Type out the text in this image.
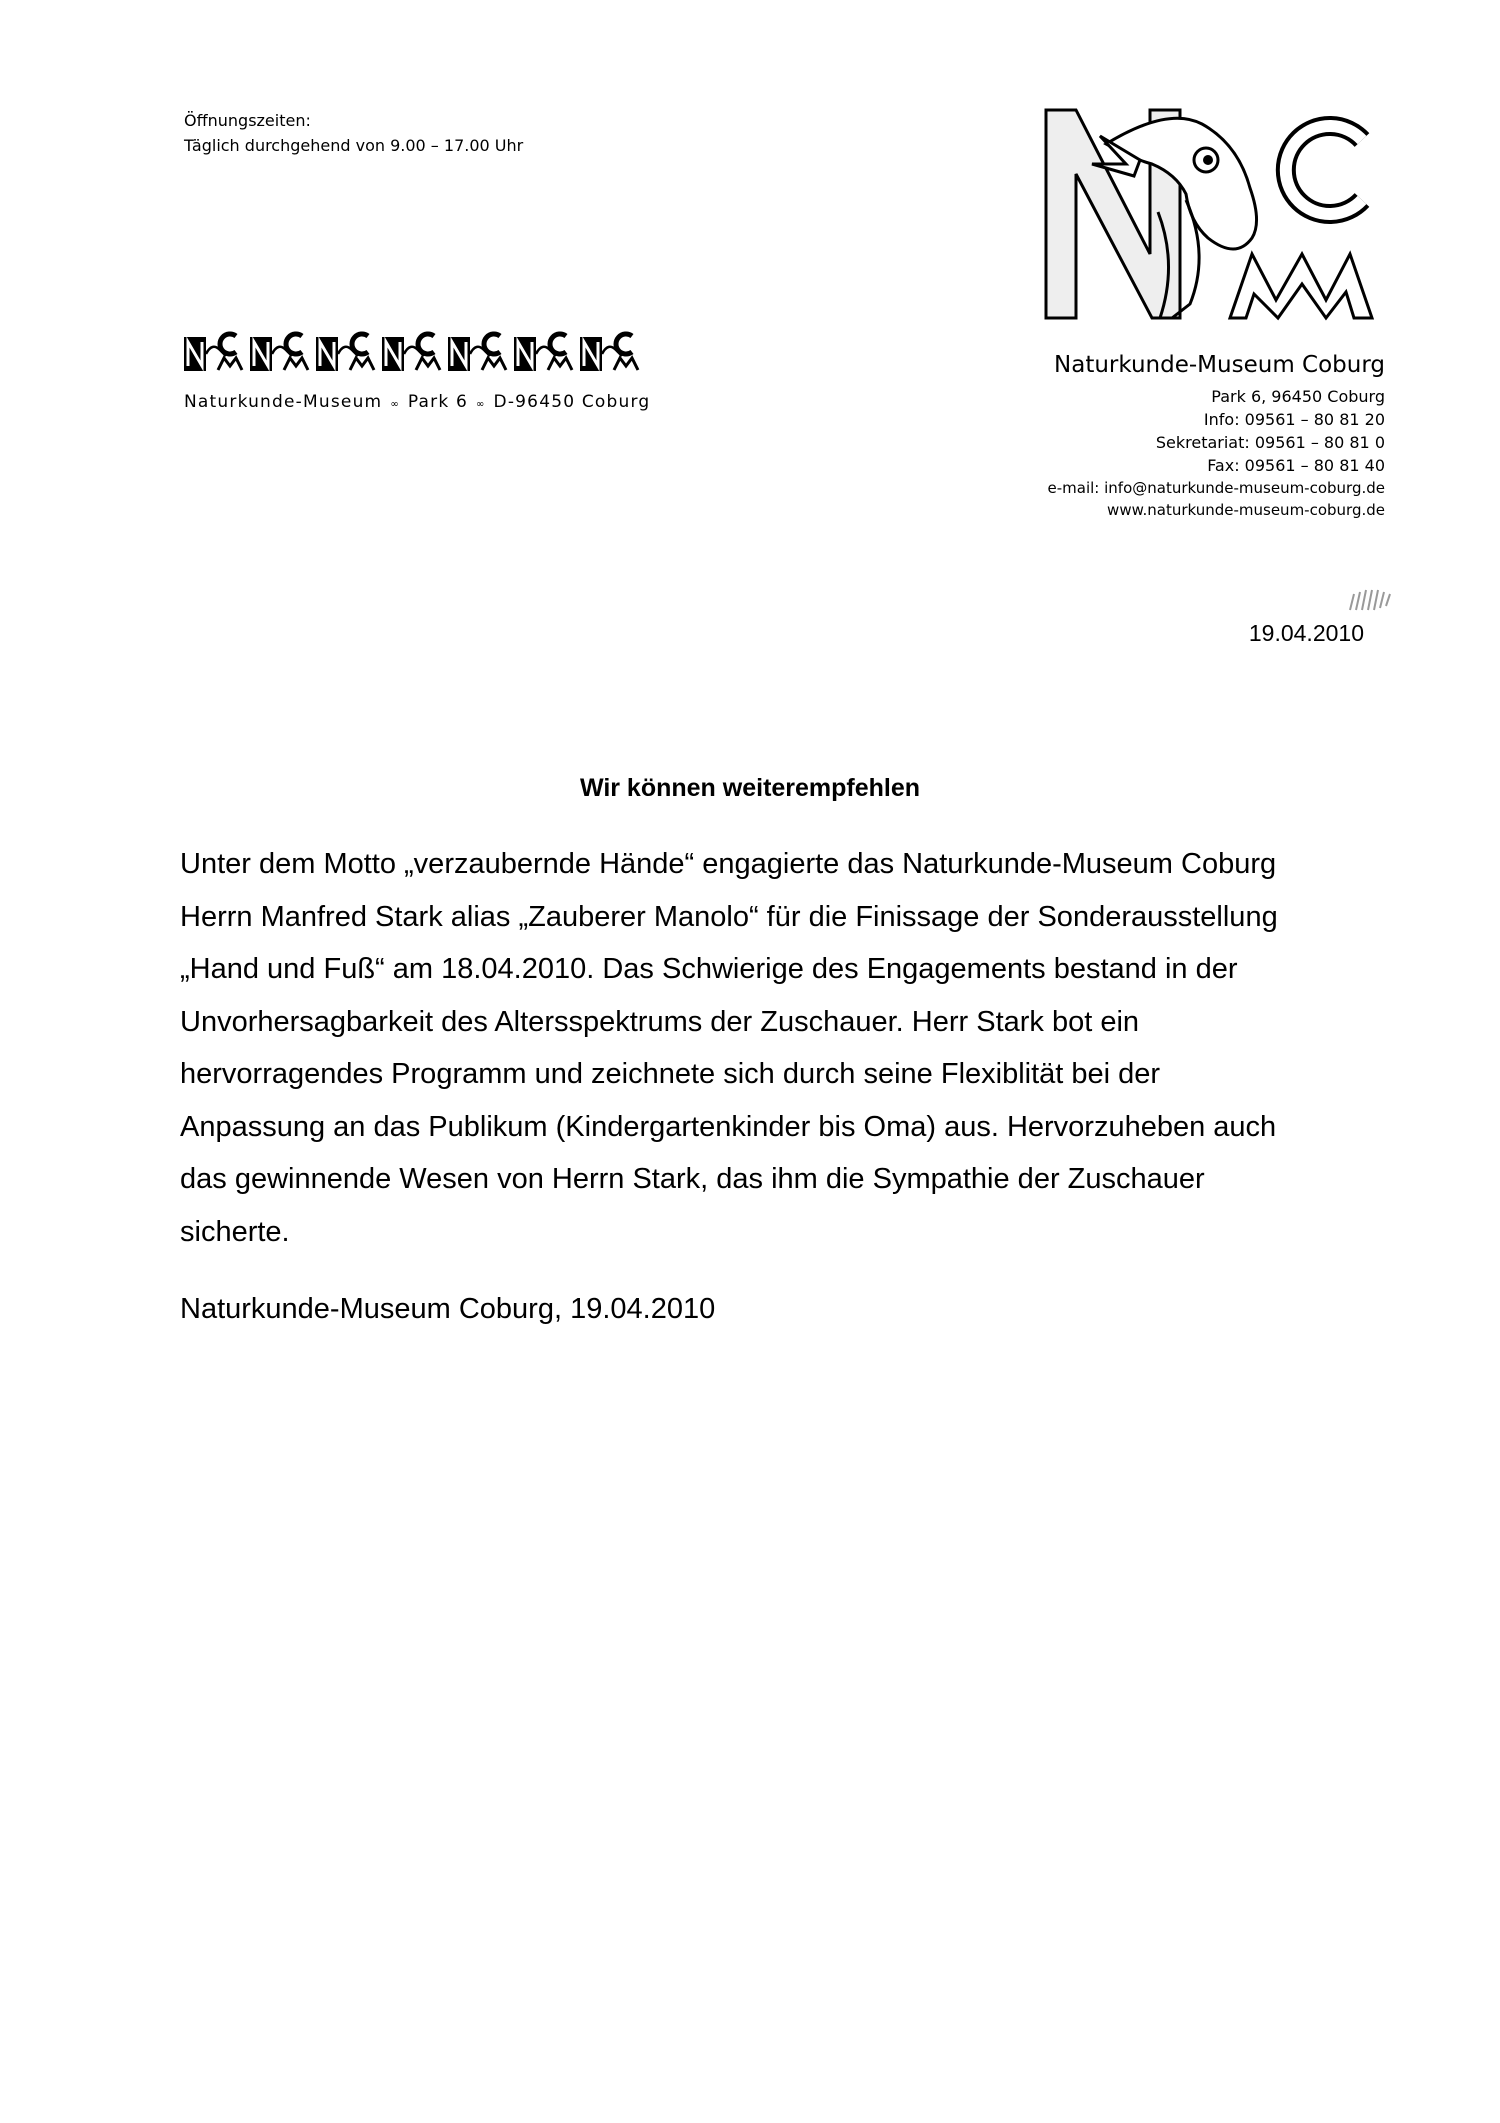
Öffnungszeiten:
Täglich durchgehend von 9.00 – 17.00 Uhr
Naturkunde-Museum ∞ Park 6 ∞ D-96450 Coburg
Naturkunde-Museum Coburg
Park 6, 96450 Coburg
Info: 09561 – 80 81 20
Sekretariat: 09561 – 80 81 0
Fax: 09561 – 80 81 40
e-mail: info@naturkunde-museum-coburg.de
www.naturkunde-museum-coburg.de
19.04.2010
Wir können weiterempfehlen
Unter dem Motto „verzaubernde Hände“ engagierte das Naturkunde-Museum Coburg
Herrn Manfred Stark alias „Zauberer Manolo“ für die Finissage der Sonderausstellung
„Hand und Fuß“ am 18.04.2010. Das Schwierige des Engagements bestand in der
Unvorhersagbarkeit des Altersspektrums der Zuschauer. Herr Stark bot ein
hervorragendes Programm und zeichnete sich durch seine Flexiblität bei der
Anpassung an das Publikum (Kindergartenkinder bis Oma) aus. Hervorzuheben auch
das gewinnende Wesen von Herrn Stark, das ihm die Sympathie der Zuschauer
sicherte.
Naturkunde-Museum Coburg, 19.04.2010
